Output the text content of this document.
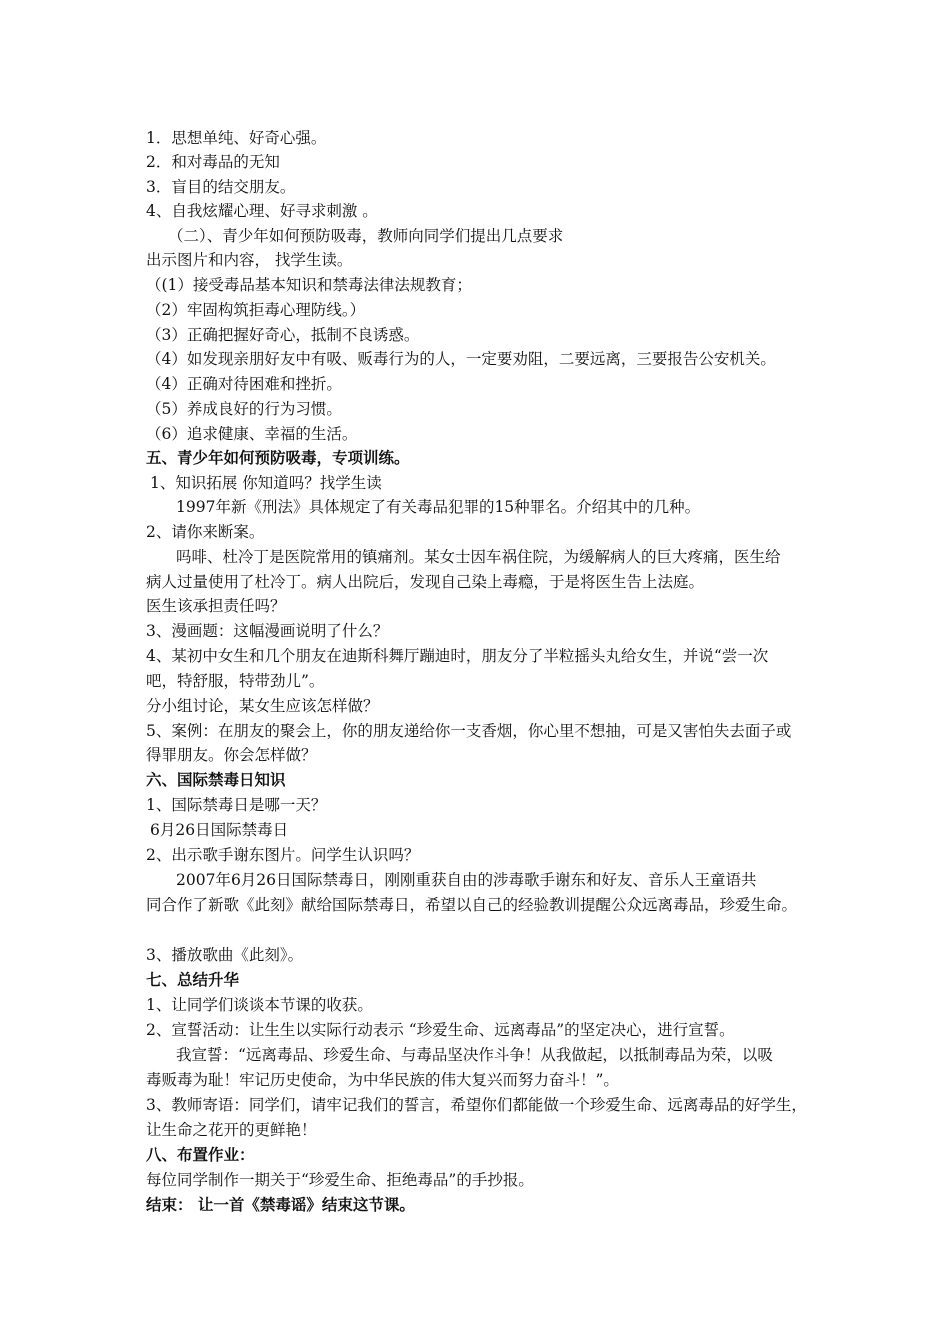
1．思想单纯、好奇心强。
2．和对毒品的无知
3．盲目的结交朋友。
4、自我炫耀心理、好寻求刺激 。
（二）、青少年如何预防吸毒，教师向同学们提出几点要求
出示图片和内容， 找学生读。
（(1）接受毒品基本知识和禁毒法律法规教育；
（2）牢固构筑拒毒心理防线。）
（3）正确把握好奇心，抵制不良诱惑。
（4）如发现亲朋好友中有吸、贩毒行为的人，一定要劝阻，二要远离，三要报告公安机关。
（4）正确对待困难和挫折。
（5）养成良好的行为习惯。
（6）追求健康、幸福的生活。
五、青少年如何预防吸毒，专项训练。
1、知识拓展 你知道吗？找学生读
1997年新《刑法》具体规定了有关毒品犯罪的15种罪名。介绍其中的几种。
2、请你来断案。
吗啡、杜冷丁是医院常用的镇痛剂。某女士因车祸住院，为缓解病人的巨大疼痛，医生给
病人过量使用了杜冷丁。病人出院后，发现自己染上毒瘾，于是将医生告上法庭。
医生该承担责任吗？
3、漫画题：这幅漫画说明了什么？
4、某初中女生和几个朋友在迪斯科舞厅蹦迪时，朋友分了半粒摇头丸给女生，并说“尝一次
吧，特舒服，特带劲儿”。
分小组讨论，某女生应该怎样做？
5、案例：在朋友的聚会上，你的朋友递给你一支香烟，你心里不想抽，可是又害怕失去面子或
得罪朋友。你会怎样做？
六、国际禁毒日知识
1、国际禁毒日是哪一天？
6月26日国际禁毒日
2、出示歌手谢东图片。问学生认识吗？
2007年6月26日国际禁毒日，刚刚重获自由的涉毒歌手谢东和好友、音乐人王童语共
同合作了新歌《此刻》献给国际禁毒日，希望以自己的经验教训提醒公众远离毒品，珍爱生命。
3、播放歌曲《此刻》。
七、总结升华
1、让同学们谈谈本节课的收获。
2、宣誓活动：让生生以实际行动表示 “珍爱生命、远离毒品”的坚定决心，进行宣誓。
我宣誓：“远离毒品、珍爱生命、与毒品坚决作斗争！从我做起，以抵制毒品为荣，以吸
毒贩毒为耻！牢记历史使命，为中华民族的伟大复兴而努力奋斗！”。
3、教师寄语：同学们，请牢记我们的誓言，希望你们都能做一个珍爱生命、远离毒品的好学生，
让生命之花开的更鲜艳！
八、布置作业：
每位同学制作一期关于“珍爱生命、拒绝毒品”的手抄报。
结束： 让一首《禁毒谣》结束这节课。
